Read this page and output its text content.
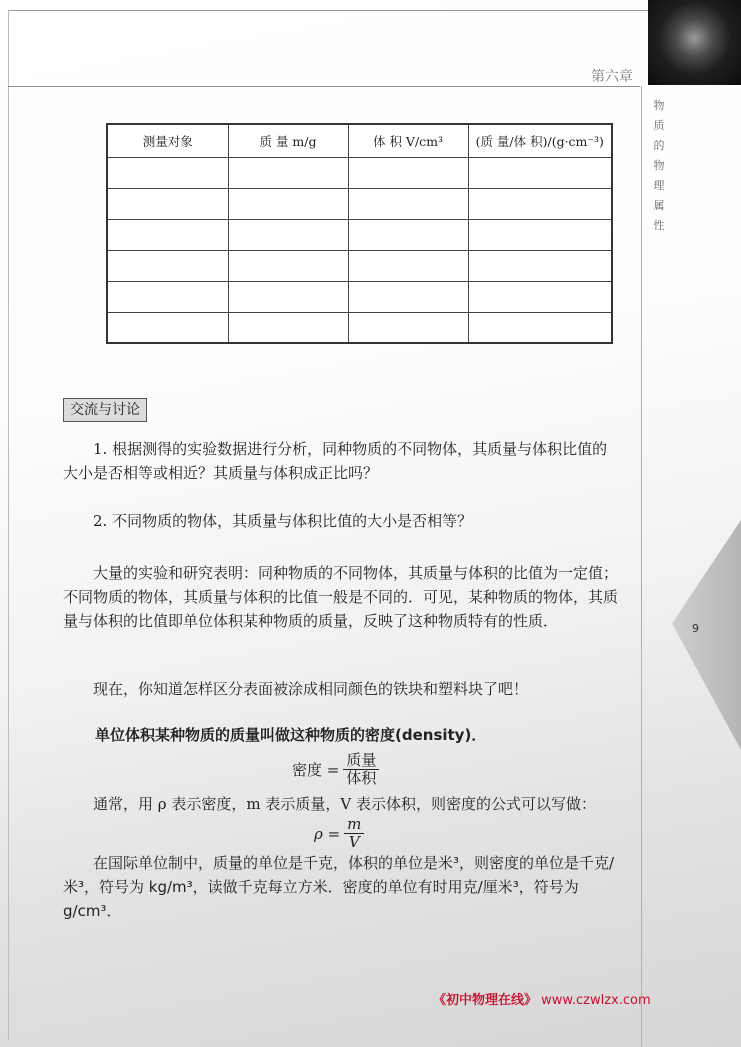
第六章
物
质
的
物
理
属
性
9
测量对象	质 量 m/g	体 积 V/cm³	(质 量/体 积)/(g·cm⁻³)

交流与讨论

1. 根据测得的实验数据进行分析，同种物质的不同物体，其质量与体积比值的大小是否相等或相近？其质量与体积成正比吗？

2. 不同物质的物体，其质量与体积比值的大小是否相等？

大量的实验和研究表明：同种物质的不同物体，其质量与体积的比值为一定值；不同物质的物体，其质量与体积的比值一般是不同的．可见，某种物质的物体，其质量与体积的比值即单位体积某种物质的质量，反映了这种物质特有的性质．

现在，你知道怎样区分表面被涂成相同颜色的铁块和塑料块了吧！

单位体积某种物质的质量叫做这种物质的密度(density)．
密度 = $\frac{\text{质量}}{\text{体积}}$

通常，用 ρ 表示密度，m 表示质量，V 表示体积，则密度的公式可以写做：

$\rho = \frac{m}{V}$

在国际单位制中，质量的单位是千克，体积的单位是米³，则密度的单位是千克/米³，符号为 kg/m³，读做千克每立方米．密度的单位有时用克/厘米³，符号为 g/cm³．

《初中物理在线》 www.czwlzx.com
